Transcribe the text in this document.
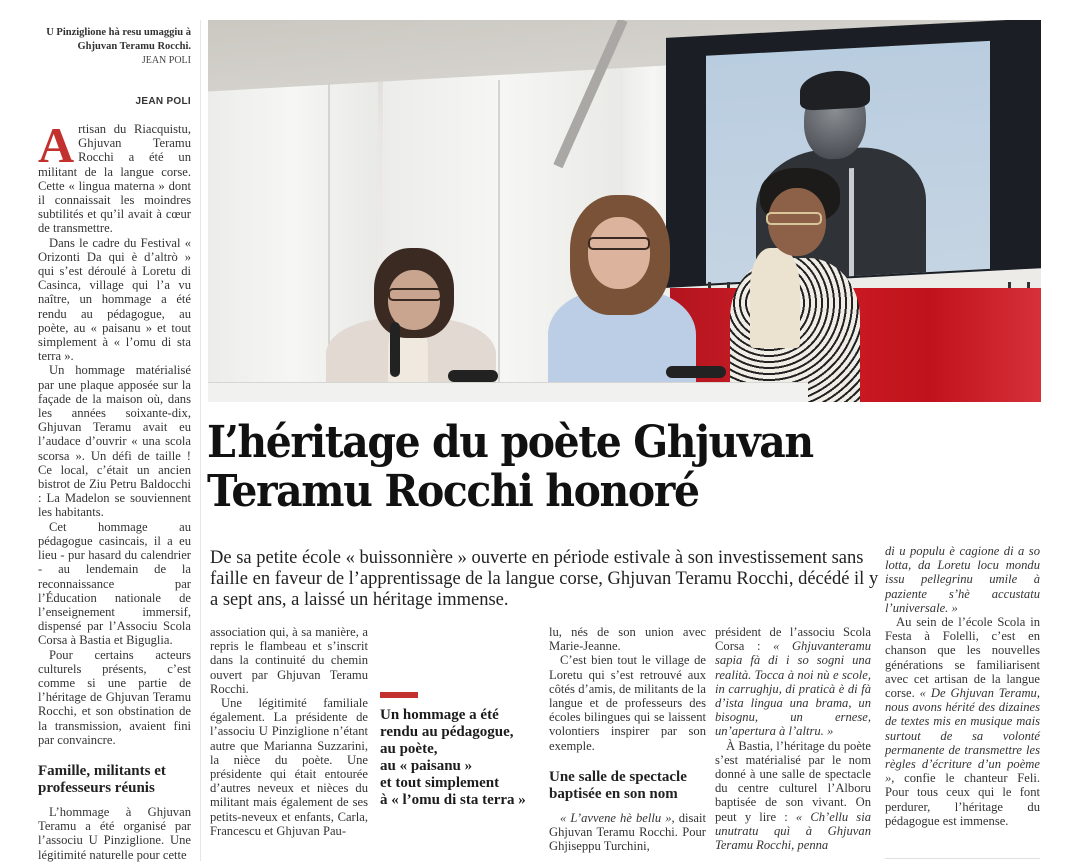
U Pinziglione hà resu umaggiu à Ghjuvan Teramu Rocchi.
JEAN POLI
JEAN POLI

Artisan du Riacquistu, Ghjuvan Teramu Rocchi a été un militant de la langue corse. Cette « lingua materna » dont il connaissait les moindres subtilités et qu’il avait à cœur de transmettre.

Dans le cadre du Festival « Orizonti Da qui è d’altrò » qui s’est déroulé à Loretu di Casinca, village qui l’a vu naître, un hommage a été rendu au pédagogue, au poète, au « paisanu » et tout simplement à « l’omu di sta terra ».

Un hommage matérialisé par une plaque apposée sur la façade de la maison où, dans les années soixante-dix, Ghjuvan Teramu avait eu l’audace d’ouvrir « una scola scorsa ». Un défi de taille ! Ce local, c’était un ancien bistrot de Ziu Petru Baldocchi : La Madelon se souviennent les habitants.

Cet hommage au pédagogue casincais, il a eu lieu - pur hasard du calendrier - au lendemain de la reconnaissance par l’Éducation nationale de l’enseignement immersif, dispensé par l’Associu Scola Corsa à Bastia et Biguglia.

Pour certains acteurs culturels présents, c’est comme si une partie de l’héritage de Ghjuvan Teramu Rocchi, et son obstination de la transmission, avaient fini par convaincre.

Famille, militants et professeurs réunis

L’hommage à Ghjuvan Teramu a été organisé par l’associu U Pinziglione. Une légitimité naturelle pour cette

L’héritage du poète Ghjuvan
Teramu Rocchi honoré

De sa petite école « buissonnière » ouverte en période estivale à son investissement sans faille en faveur de l’apprentissage de la langue corse, Ghjuvan Teramu Rocchi, décédé il y a sept ans, a laissé un héritage immense.

association qui, à sa manière, a repris le flambeau et s’inscrit dans la continuité du chemin ouvert par Ghjuvan Teramu Rocchi.

Une légitimité familiale également. La présidente de l’associu U Pinziglione n’étant autre que Marianna Suzzarini, la nièce du poète. Une présidente qui était entourée d’autres neveux et nièces du militant mais également de ses petits-neveux et enfants, Carla, Francescu et Ghjuvan Pau-

Un hommage a été
rendu au pédagogue,
au poète,
au « paisanu »
et tout simplement
à « l’omu di sta terra »

lu, nés de son union avec Marie-Jeanne.

C’est bien tout le village de Loretu qui s’est retrouvé aux côtés d’amis, de militants de la langue et de professeurs des écoles bilingues qui se laissent volontiers inspirer par son exemple.

Une salle de spectacle baptisée en son nom

« L’avvene hè bellu », disait Ghjuvan Teramu Rocchi. Pour Ghjiseppu Turchini,

président de l’associu Scola Corsa : « Ghjuvanteramu sapia fà di i so sogni una realità. Tocca à noi nù e scole, in carrughju, di praticà è di fà d’ista lingua una brama, un bisognu, un ernese, un’apertura à l’altru. »

À Bastia, l’héritage du poète s’est matérialisé par le nom donné à une salle de spectacle du centre culturel l’Alboru baptisée de son vivant. On peut y lire : « Ch’ellu sia unutratu quì à Ghjuvan Teramu Rocchi, penna

di u populu è cagione di a so lotta, da Loretu locu mondu issu pellegrinu umile à paziente s’hè accustatu l’universale. »

Au sein de l’école Scola in Festa à Folelli, c’est en chanson que les nouvelles générations se familiarisent avec cet artisan de la langue corse. « De Ghjuvan Teramu, nous avons hérité des dizaines de textes mis en musique mais surtout de sa volonté permanente de transmettre les règles d’écriture d’un poème », confie le chanteur Feli. Pour tous ceux qui le font perdurer, l’héritage du pédagogue est immense.
